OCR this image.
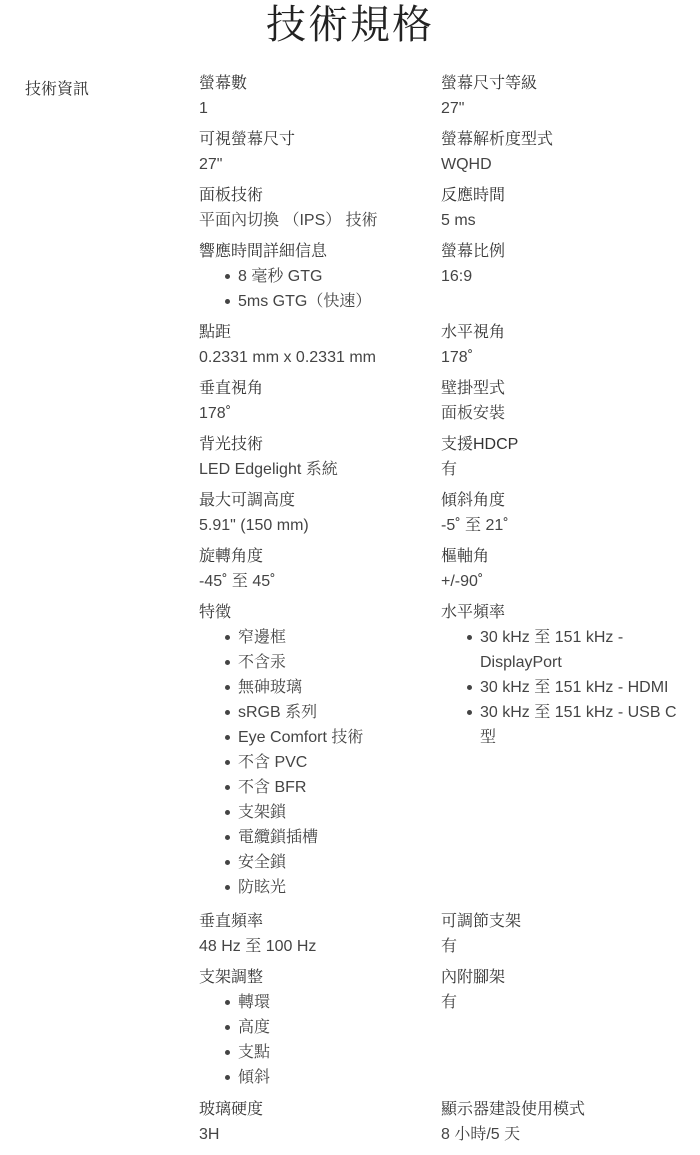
技術規格
技術資訊	螢幕數
1
螢幕尺寸等級
27"
可視螢幕尺寸
27"
螢幕解析度型式
WQHD
面板技術
平面內切換 （IPS） 技術
反應時間
5 ms
響應時間詳細信息
8 毫秒 GTG
5ms GTG（快速）
螢幕比例
16:9
點距
0.2331 mm x 0.2331 mm
水平視角
178˚
垂直視角
178˚
壁掛型式
面板安裝
背光技術
LED Edgelight 系統
支援HDCP
有
最大可調高度
5.91" (150 mm)
傾斜角度
-5˚ 至 21˚
旋轉角度
-45˚ 至 45˚
樞軸角
+/-90˚
特徵
窄邊框
不含汞
無砷玻璃
sRGB 系列
Eye Comfort 技術
不含 PVC
不含 BFR
支架鎖
電纜鎖插槽
安全鎖
防眩光
水平頻率
30 kHz 至 151 kHz - DisplayPort
30 kHz 至 151 kHz - HDMI
30 kHz 至 151 kHz - USB C 型
垂直頻率
48 Hz 至 100 Hz
可調節支架
有
支架調整
轉環
高度
支點
傾斜
內附腳架
有
玻璃硬度
3H
顯示器建設使用模式
8 小時/5 天
